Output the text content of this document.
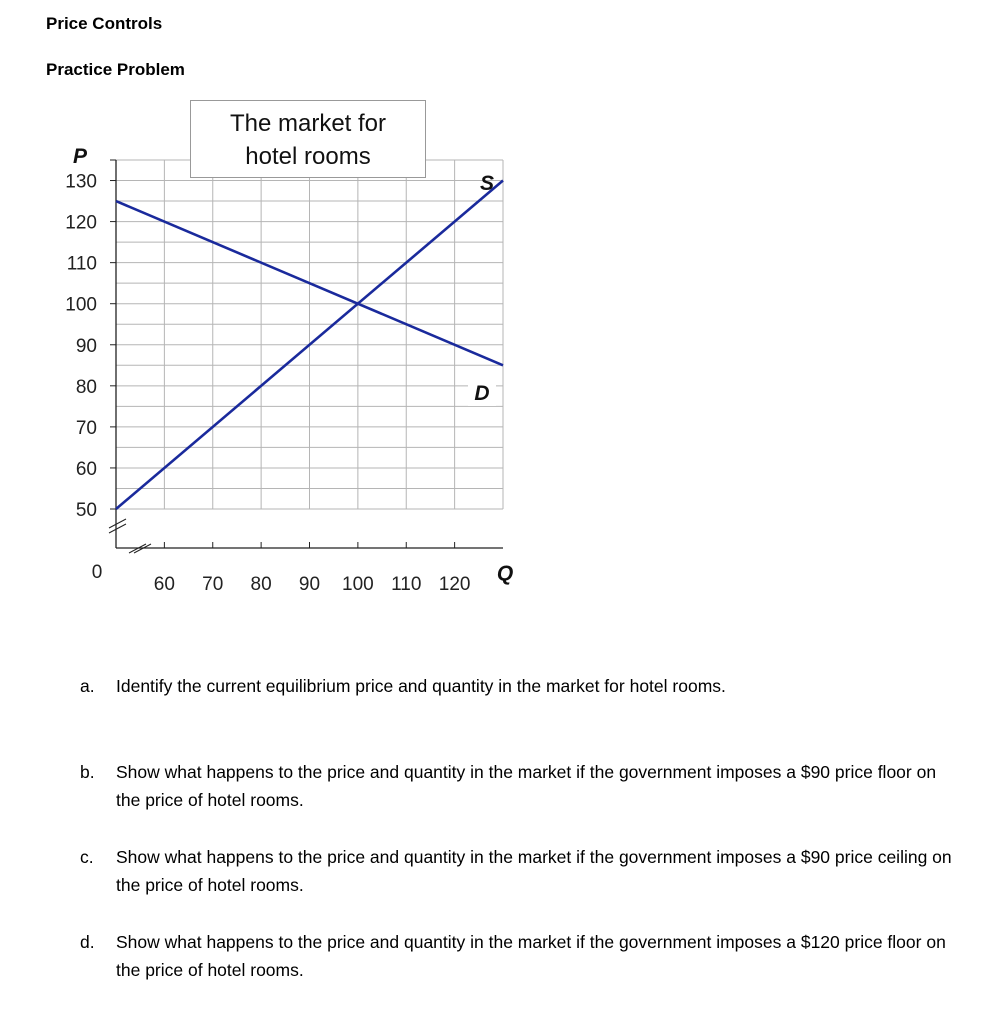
Price Controls
Practice Problem
50
60
70
80
90
100
110
120
130
60 70 80 90 100 110 120
P
Q
0
S
D
The market for
hotel rooms
a. Identify the current equilibrium price and quantity in the market for hotel rooms.
b. Show what happens to the price and quantity in the market if the government imposes a $90 price floor on the price of hotel rooms.
c. Show what happens to the price and quantity in the market if the government imposes a $90 price ceiling on the price of hotel rooms.
d. Show what happens to the price and quantity in the market if the government imposes a $120 price floor on the price of hotel rooms.
